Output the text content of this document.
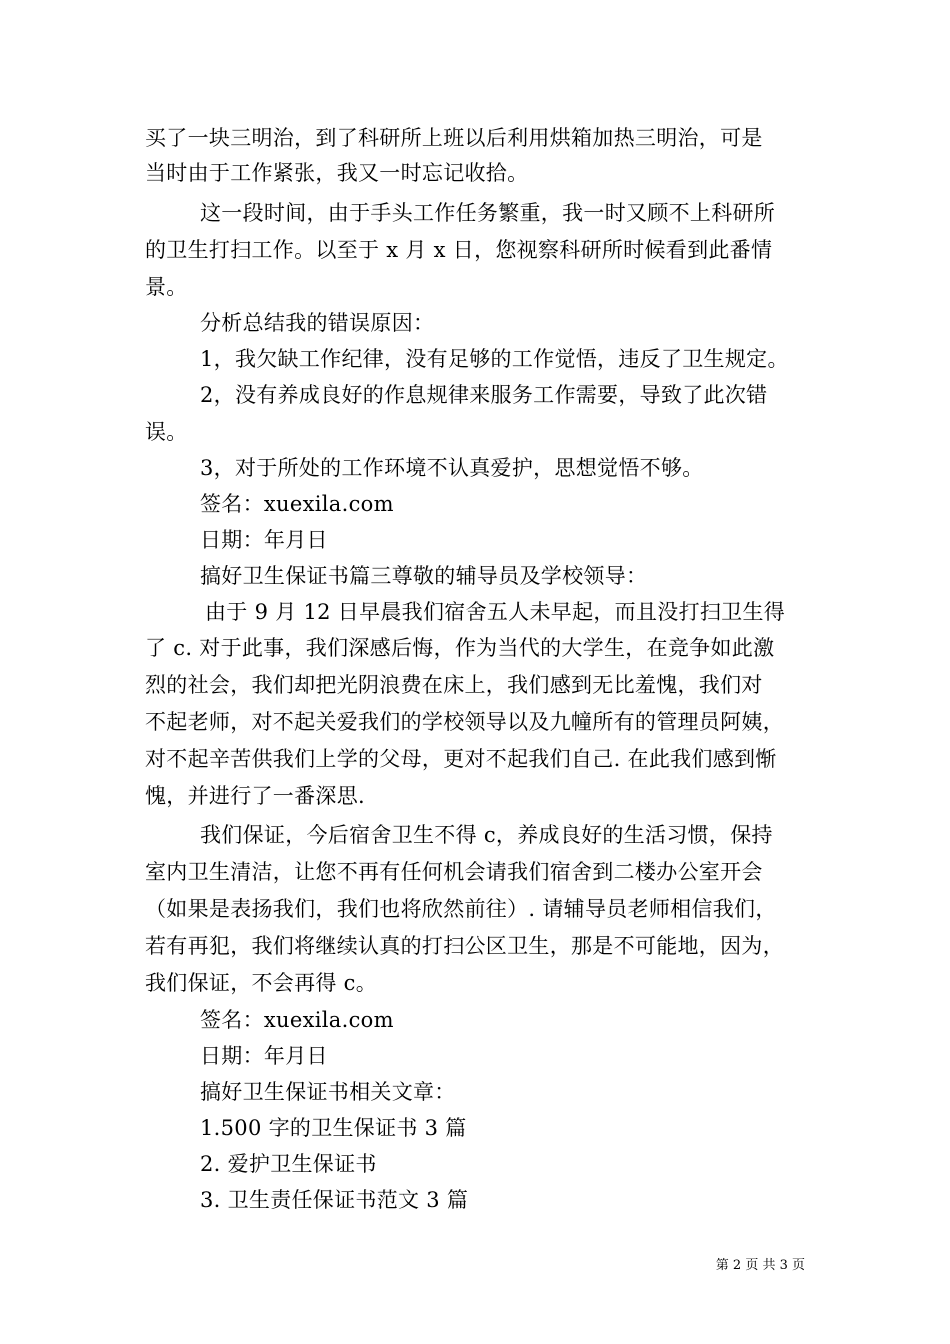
买了一块三明治，到了科研所上班以后利用烘箱加热三明治，可是
当时由于工作紧张，我又一时忘记收拾。
这一段时间，由于手头工作任务繁重，我一时又顾不上科研所
的卫生打扫工作。以至于 x 月 x 日，您视察科研所时候看到此番情
景。
分析总结我的错误原因：
1，我欠缺工作纪律，没有足够的工作觉悟，违反了卫生规定。
2，没有养成良好的作息规律来服务工作需要，导致了此次错
误。
3，对于所处的工作环境不认真爱护，思想觉悟不够。
签名：xuexila.com
日期：年月日
搞好卫生保证书篇三尊敬的辅导员及学校领导：
由于 9 月 12 日早晨我们宿舍五人未早起，而且没打扫卫生得
了 c. 对于此事，我们深感后悔，作为当代的大学生，在竞争如此激
烈的社会，我们却把光阴浪费在床上，我们感到无比羞愧，我们对
不起老师，对不起关爱我们的学校领导以及九幢所有的管理员阿姨，
对不起辛苦供我们上学的父母，更对不起我们自己. 在此我们感到惭
愧，并进行了一番深思.
我们保证，今后宿舍卫生不得 c，养成良好的生活习惯，保持
室内卫生清洁，让您不再有任何机会请我们宿舍到二楼办公室开会
（如果是表扬我们，我们也将欣然前往）. 请辅导员老师相信我们，
若有再犯，我们将继续认真的打扫公区卫生，那是不可能地，因为，
我们保证，不会再得 c。
签名：xuexila.com
日期：年月日
搞好卫生保证书相关文章：
1.500 字的卫生保证书 3 篇
2. 爱护卫生保证书
3. 卫生责任保证书范文 3 篇
第 2 页 共 3 页
